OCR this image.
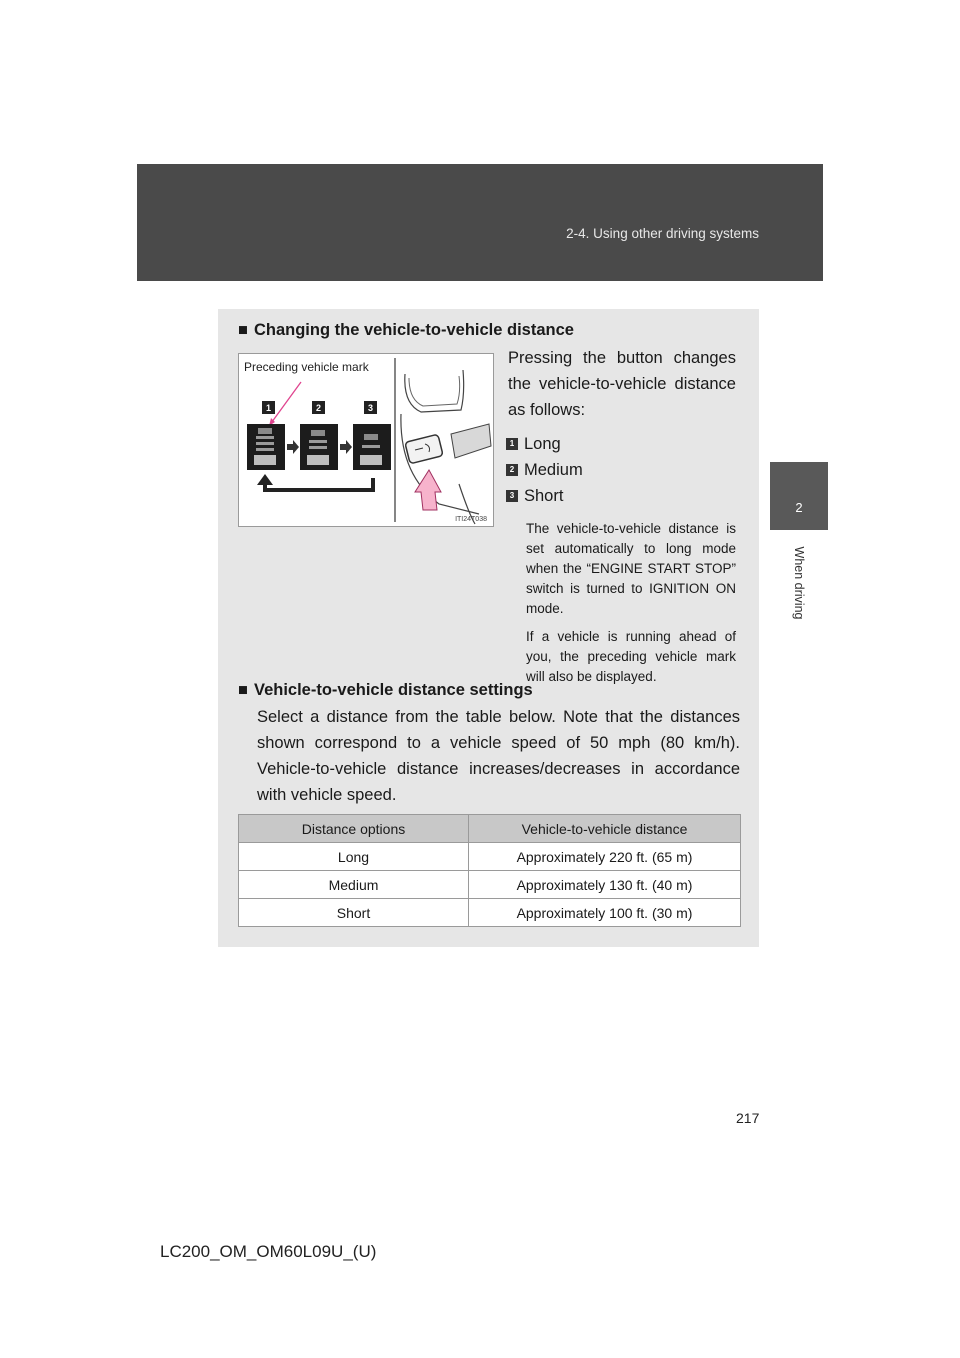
2-4. Using other driving systems
2
When driving
■ Changing the vehicle-to-vehicle distance
Preceding vehicle mark
1	2	3
ITI24T038
Pressing the button changes the vehicle-to-vehicle distance as follows:
1 Long
2 Medium
3 Short
The vehicle-to-vehicle distance is set automatically to long mode when the “ENGINE START STOP” switch is turned to IGNITION ON mode.
If a vehicle is running ahead of you, the preceding vehicle mark will also be displayed.
■ Vehicle-to-vehicle distance settings
Select a distance from the table below. Note that the distances shown correspond to a vehicle speed of 50 mph (80 km/h). Vehicle-to-vehicle distance increases/decreases in accordance with vehicle speed.
Distance options	Vehicle-to-vehicle distance
Long	Approximately 220 ft. (65 m)
Medium	Approximately 130 ft. (40 m)
Short	Approximately 100 ft. (30 m)
217
LC200_OM_OM60L09U_(U)
